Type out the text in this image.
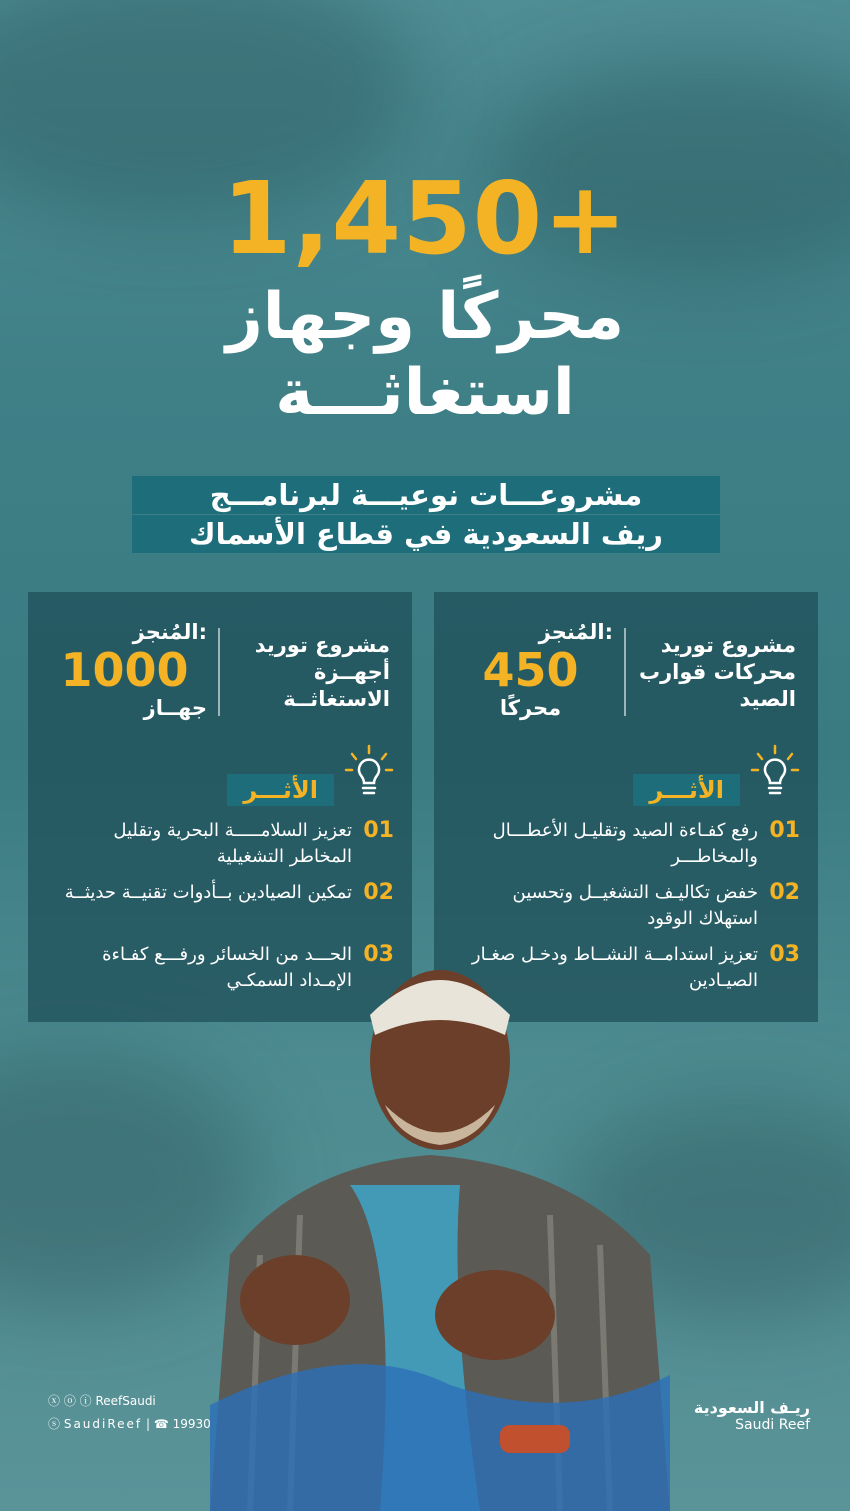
1,450+
محركًا وجهاز
استغاثـــة
مشروعـــات نوعيـــة لبرنامـــج
ريف السعودية في قطاع الأسماك
مشروع توريد محركات قوارب الصيد
المُنجز:
450
محركًا
الأثـــر
01
رفع كفـاءة الصيد وتقليـل الأعطـــال والمخاطـــر
02
خفض تكاليـف التشغيــل وتحسين استهلاك الوقود
03
تعزيز استدامــة النشــاط ودخـل صغـار الصيـادين
مشروع توريد أجهــزة الاستغاثــة
المُنجز:
1000
جهــاز
الأثـــر
01
تعزيز السلامـــــة البحرية وتقليل المخاطر التشغيلية
02
تمكين الصيادين بــأدوات تقنيــة حديثــة
03
الحـــد من الخسائر ورفـــع كفـاءة الإمـداد السمكـي
ⓧ ⓞ ⓘ ReefSaudi
ⓢ SaudiReef | ☎ 19930
ريـف السعودية
Saudi Reef
